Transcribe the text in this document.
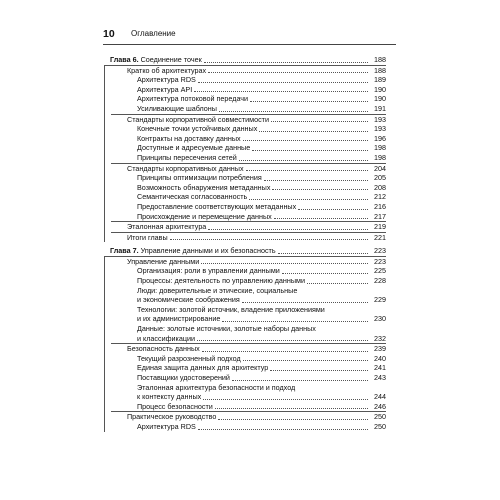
10 Оглавление
Глава 6. Соединение точек	188
Кратко об архитектурах	188
Архитектура RDS	189
Архитектура API	190
Архитектура потоковой передачи	190
Усиливающие шаблоны	191
Стандарты корпоративной совместимости	193
Конечные точки устойчивых данных	193
Контракты на доставку данных	196
Доступные и адресуемые данные	198
Принципы пересечения сетей	198
Стандарты корпоративных данных	204
Принципы оптимизации потребления	205
Возможность обнаружения метаданных	208
Семантическая согласованность	212
Предоставление соответствующих метаданных	216
Происхождение и перемещение данных	217
Эталонная архитектура	219
Итоги главы	221
Глава 7. Управление данными и их безопасность	223
Управление данными	223
Организация: роли в управлении данными	225
Процессы: деятельность по управлению данными	228
Люди: доверительные и этические, социальные
и экономические соображения	229
Технологии: золотой источник, владение приложениями
и их администрирование	230
Данные: золотые источники, золотые наборы данных
и классификации	232
Безопасность данных	239
Текущий разрозненный подход	240
Единая защита данных для архитектур	241
Поставщики удостоверений	243
Эталонная архитектура безопасности и подход
к контексту данных	244
Процесс безопасности	246
Практическое руководство	250
Архитектура RDS	250
